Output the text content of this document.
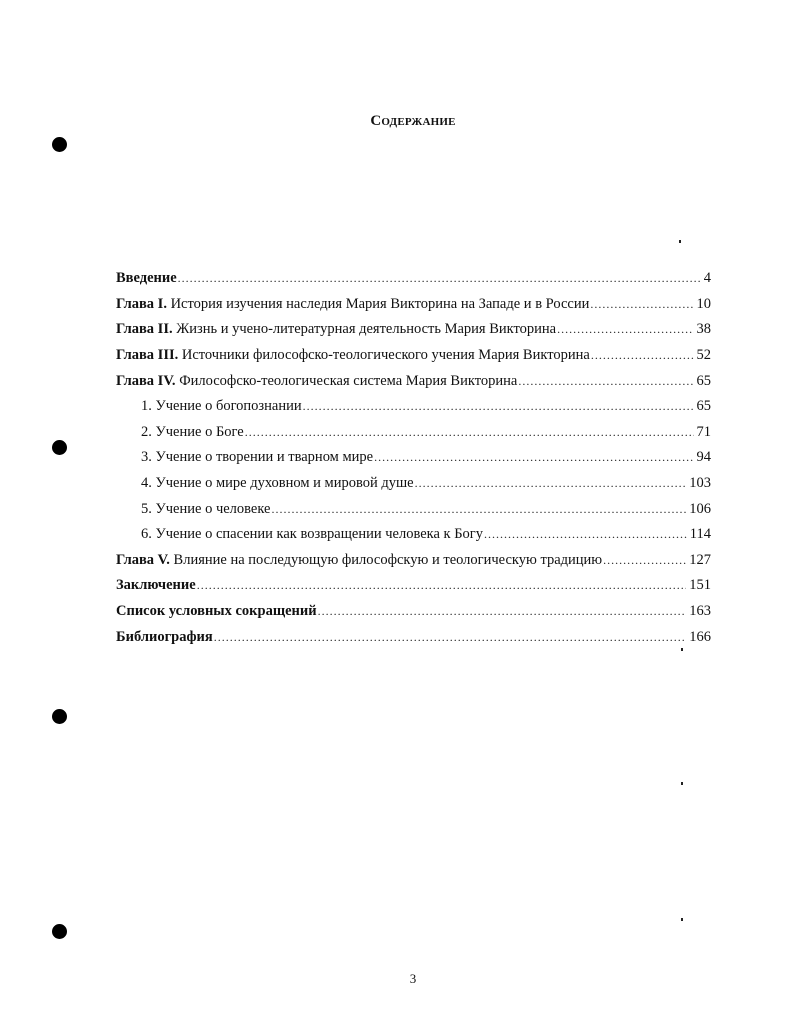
Содержание
Введение .....	4
Глава I. История изучения наследия Мария Викторина на Западе и в России .....	10
Глава II. Жизнь и учено-литературная деятельность Мария Викторина .....	38
Глава III. Источники философско-теологического учения Мария Викторина .....	52
Глава IV. Философско-теологическая система Мария Викторина .....	65
1. Учение о богопознании .....	65
2. Учение о Боге .....	71
3. Учение о творении и тварном мире .....	94
4. Учение о мире духовном и мировой душе .....	103
5. Учение о человеке .....	106
6. Учение о спасении как возвращении человека к Богу .....	114
Глава V. Влияние на последующую философскую и теологическую традицию .....	127
Заключение .....	151
Список условных сокращений .....	163
Библиография .....	166
3
